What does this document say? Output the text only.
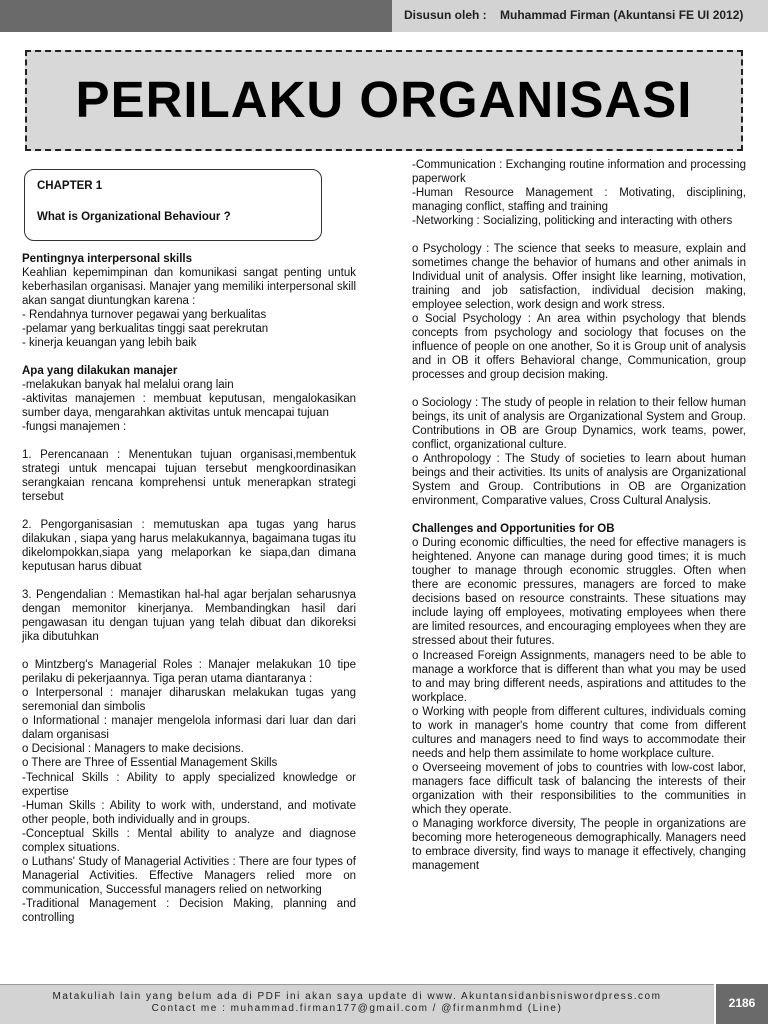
Disusun oleh : Muhammad Firman (Akuntansi FE UI 2012)
PERILAKU ORGANISASI
CHAPTER 1
What is Organizational Behaviour ?

Pentingnya interpersonal skills

Keahlian kepemimpinan dan komunikasi sangat penting untuk keberhasilan organisasi. Manajer yang memiliki interpersonal skill akan sangat diuntungkan karena :

- Rendahnya turnover pegawai yang berkualitas

-pelamar yang berkualitas tinggi saat perekrutan

- kinerja keuangan yang lebih baik

Apa yang dilakukan manajer

-melakukan banyak hal melalui orang lain

-aktivitas manajemen : membuat keputusan, mengalokasikan sumber daya, mengarahkan aktivitas untuk mencapai tujuan

-fungsi manajemen :

1. Perencanaan : Menentukan tujuan organisasi,membentuk strategi untuk mencapai tujuan tersebut mengkoordinasikan serangkaian rencana komprehensi untuk menerapkan strategi tersebut

2. Pengorganisasian : memutuskan apa tugas yang harus dilakukan , siapa yang harus melakukannya, bagaimana tugas itu dikelompokkan,siapa yang melaporkan ke siapa,dan dimana keputusan harus dibuat

3. Pengendalian : Memastikan hal-hal agar berjalan seharusnya dengan memonitor kinerjanya. Membandingkan hasil dari pengawasan itu dengan tujuan yang telah dibuat dan dikoreksi jika dibutuhkan

o Mintzberg's Managerial Roles : Manajer melakukan 10 tipe perilaku di pekerjaannya. Tiga peran utama diantaranya :

o Interpersonal : manajer diharuskan melakukan tugas yang seremonial dan simbolis

o Informational : manajer mengelola informasi dari luar dan dari dalam organisasi

o Decisional : Managers to make decisions.

o There are Three of Essential Management Skills

-Technical Skills : Ability to apply specialized knowledge or expertise

-Human Skills : Ability to work with, understand, and motivate other people, both individually and in groups.

-Conceptual Skills : Mental ability to analyze and diagnose complex situations.

o Luthans' Study of Managerial Activities : There are four types of Managerial Activities. Effective Managers relied more on communication, Successful managers relied on networking

-Traditional Management : Decision Making, planning and controlling

-Communication : Exchanging routine information and processing paperwork

-Human Resource Management : Motivating, disciplining, managing conflict, staffing and training

-Networking : Socializing, politicking and interacting with others

o Psychology : The science that seeks to measure, explain and sometimes change the behavior of humans and other animals in Individual unit of analysis. Offer insight like learning, motivation, training and job satisfaction, individual decision making, employee selection, work design and work stress.

o Social Psychology : An area within psychology that blends concepts from psychology and sociology that focuses on the influence of people on one another, So it is Group unit of analysis and in OB it offers Behavioral change, Communication, group processes and group decision making.

o Sociology : The study of people in relation to their fellow human beings, its unit of analysis are Organizational System and Group. Contributions in OB are Group Dynamics, work teams, power, conflict, organizational culture.

o Anthropology : The Study of societies to learn about human beings and their activities. Its units of analysis are Organizational System and Group. Contributions in OB are Organization environment, Comparative values, Cross Cultural Analysis.

Challenges and Opportunities for OB

o During economic difficulties, the need for effective managers is heightened. Anyone can manage during good times; it is much tougher to manage through economic struggles. Often when there are economic pressures, managers are forced to make decisions based on resource constraints. These situations may include laying off employees, motivating employees when there are limited resources, and encouraging employees when they are stressed about their futures.

o Increased Foreign Assignments, managers need to be able to manage a workforce that is different than what you may be used to and may bring different needs, aspirations and attitudes to the workplace.

o Working with people from different cultures, individuals coming to work in manager's home country that come from different cultures and managers need to find ways to accommodate their needs and help them assimilate to home workplace culture.

o Overseeing movement of jobs to countries with low-cost labor, managers face difficult task of balancing the interests of their organization with their responsibilities to the communities in which they operate.

o Managing workforce diversity, The people in organizations are becoming more heterogeneous demographically. Managers need to embrace diversity, find ways to manage it effectively, changing management

Matakuliah lain yang belum ada di PDF ini akan saya update di www. Akuntansidanbisniswordpress.com
Contact me : muhammad.firman177@gmail.com / @firmanmhmd (Line)	2186
